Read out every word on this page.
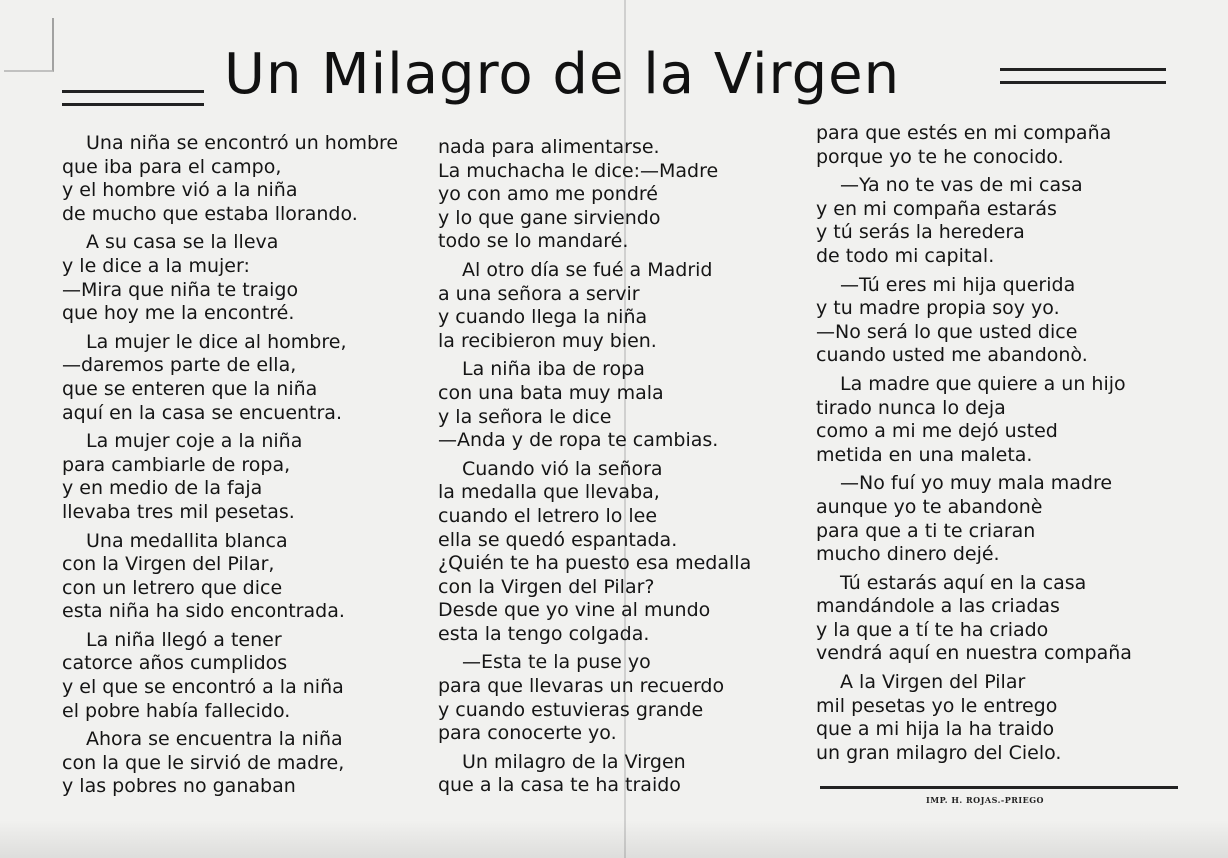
Un Milagro de la Virgen
Una niña se encontró un hombre
que iba para el campo,
y el hombre vió a la niña
de mucho que estaba llorando.
A su casa se la lleva
y le dice a la mujer:
—Mira que niña te traigo
que hoy me la encontré.
La mujer le dice al hombre,
—daremos parte de ella,
que se enteren que la niña
aquí en la casa se encuentra.
La mujer coje a la niña
para cambiarle de ropa,
y en medio de la faja
llevaba tres mil pesetas.
Una medallita blanca
con la Virgen del Pilar,
con un letrero que dice
esta niña ha sido encontrada.
La niña llegó a tener
catorce años cumplidos
y el que se encontró a la niña
el pobre había fallecido.
Ahora se encuentra la niña
con la que le sirvió de madre,
y las pobres no ganaban
nada para alimentarse.
La muchacha le dice:—Madre
yo con amo me pondré
y lo que gane sirviendo
todo se lo mandaré.
Al otro día se fué a Madrid
a una señora a servir
y cuando llega la niña
la recibieron muy bien.
La niña iba de ropa
con una bata muy mala
y la señora le dice
—Anda y de ropa te cambias.
Cuando vió la señora
la medalla que llevaba,
cuando el letrero lo lee
ella se quedó espantada.
¿Quién te ha puesto esa medalla
con la Virgen del Pilar?
Desde que yo vine al mundo
esta la tengo colgada.
—Esta te la puse yo
para que llevaras un recuerdo
y cuando estuvieras grande
para conocerte yo.
Un milagro de la Virgen
que a la casa te ha traido
para que estés en mi compaña
porque yo te he conocido.
—Ya no te vas de mi casa
y en mi compaña estarás
y tú serás la heredera
de todo mi capital.
—Tú eres mi hija querida
y tu madre propia soy yo.
—No será lo que usted dice
cuando usted me abandonò.
La madre que quiere a un hijo
tirado nunca lo deja
como a mi me dejó usted
metida en una maleta.
—No fuí yo muy mala madre
aunque yo te abandonè
para que a ti te criaran
mucho dinero dejé.
Tú estarás aquí en la casa
mandándole a las criadas
y la que a tí te ha criado
vendrá aquí en nuestra compaña
A la Virgen del Pilar
mil pesetas yo le entrego
que a mi hija la ha traido
un gran milagro del Cielo.
IMP. H. ROJAS.-PRIEGO
